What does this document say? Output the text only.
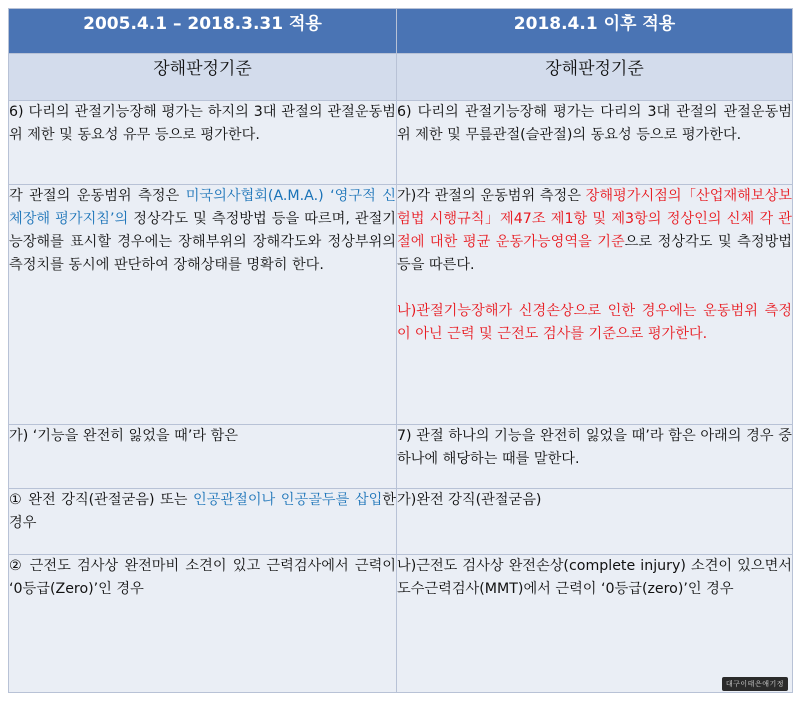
2005.4.1 – 2018.3.31 적용	2018.4.1 이후 적용
장해판정기준	장해판정기준

6) 다리의 관절기능장해 평가는 하지의 3대 관절의 관절운동범위 제한 및 동요성 유무 등으로 평가한다.	6) 다리의 관절기능장해 평가는 다리의 3대 관절의 관절운동범위 제한 및 무릎관절(슬관절)의 동요성 등으로 평가한다.

각 관절의 운동범위 측정은 미국의사협회(A.M.A.) ‘영구적 신체장해 평가지침’의 정상각도 및 측정방법 등을 따르며, 관절기능장해를 표시할 경우에는 장해부위의 장해각도와 정상부위의 측정치를 동시에 판단하여 장해상태를 명확히 한다.	가)각 관절의 운동범위 측정은 장해평가시점의「산업재해보상보험법 시행규칙」제47조 제1항 및 제3항의 정상인의 신체 각 관절에 대한 평균 운동가능영역을 기준으로 정상각도 및 측정방법 등을 따른다.

나)관절기능장해가 신경손상으로 인한 경우에는 운동범위 측정이 아닌 근력 및 근전도 검사를 기준으로 평가한다.

가) ‘기능을 완전히 잃었을 때’라 함은	7) 관절 하나의 기능을 완전히 잃었을 때’라 함은 아래의 경우 중 하나에 해당하는 때를 말한다.

① 완전 강직(관절굳음) 또는 인공관절이나 인공골두를 삽입한 경우	가)완전 강직(관절굳음)

② 근전도 검사상 완전마비 소견이 있고 근력검사에서 근력이 ‘0등급(Zero)’인 경우	나)근전도 검사상 완전손상(complete injury) 소견이 있으면서 도수근력검사(MMT)에서 근력이 ‘0등급(zero)’인 경우

대구이태은애기정
